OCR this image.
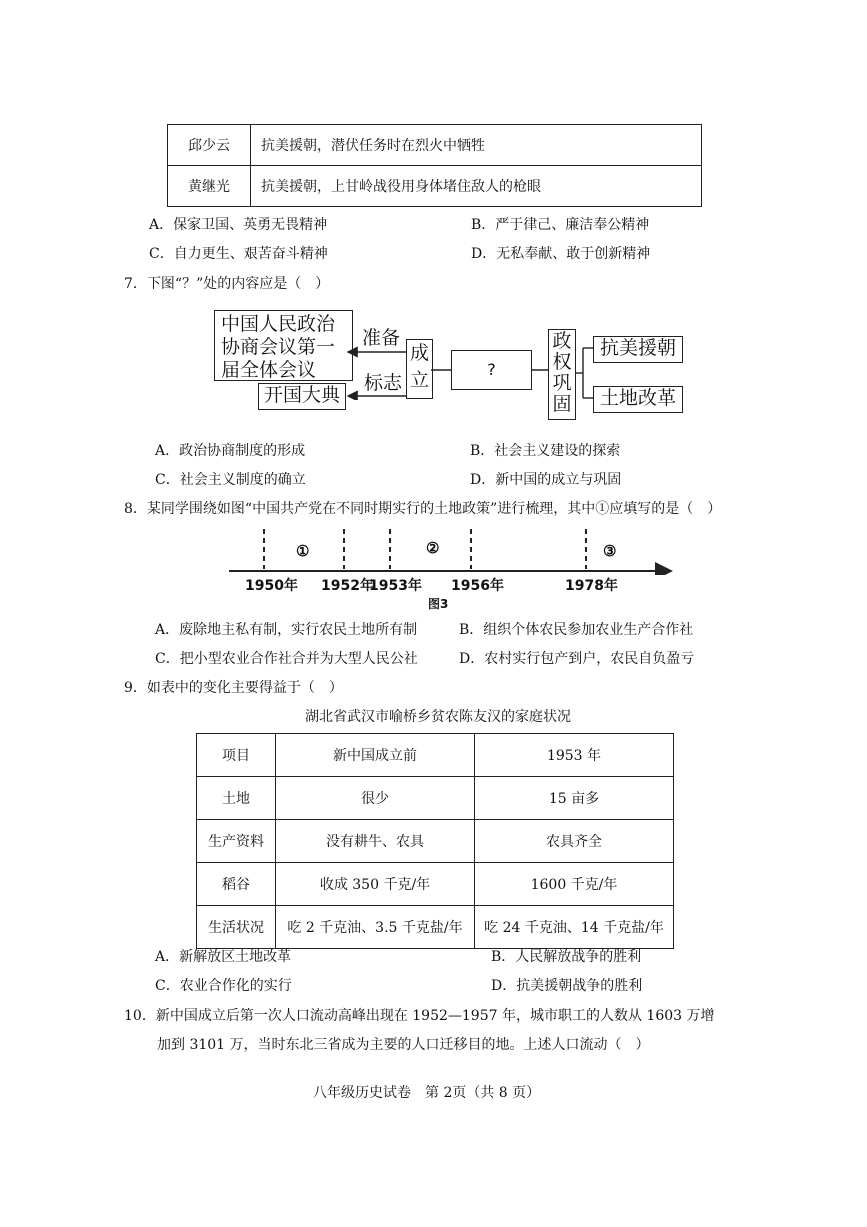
邱少云	抗美援朝，潜伏任务时在烈火中牺牲
黄继光	抗美援朝，上甘岭战役用身体堵住敌人的枪眼
A．保家卫国、英勇无畏精神	B．严于律己、廉洁奉公精神
C．自力更生、艰苦奋斗精神	D．无私奉献、敢于创新精神
7．下图“？”处的内容应是（　）
中国人民政治
协商会议第一
届全体会议
开国大典
准备
标志
成
立	?
政
权
巩
固
抗美援朝
土地改革
A．政治协商制度的形成	B．社会主义建设的探索
C．社会主义制度的确立	D．新中国的成立与巩固
8．某同学围绕如图“中国共产党在不同时期实行的土地政策”进行梳理，其中①应填写的是（　）
①	②	③
1950年 1952年
1953年 1956年	1978年
图3
A．废除地主私有制，实行农民土地所有制	B．组织个体农民参加农业生产合作社
C．把小型农业合作社合并为大型人民公社	D．农村实行包产到户，农民自负盈亏
9．如表中的变化主要得益于（　）
湖北省武汉市喻桥乡贫农陈友汉的家庭状况
项目	新中国成立前	1953 年
土地	很少	15 亩多
生产资料	没有耕牛、农具	农具齐全
稻谷	收成 350 千克/年	1600 千克/年
生活状况	吃 2 千克油、3.5 千克盐/年	吃 24 千克油、14 千克盐/年
A．新解放区土地改革	B．人民解放战争的胜利
C．农业合作化的实行	D．抗美援朝战争的胜利
10．新中国成立后第一次人口流动高峰出现在 1952—1957 年，城市职工的人数从 1603 万增
加到 3101 万，当时东北三省成为主要的人口迁移目的地。上述人口流动（　）
八年级历史试卷　第 2页（共 8 页）
